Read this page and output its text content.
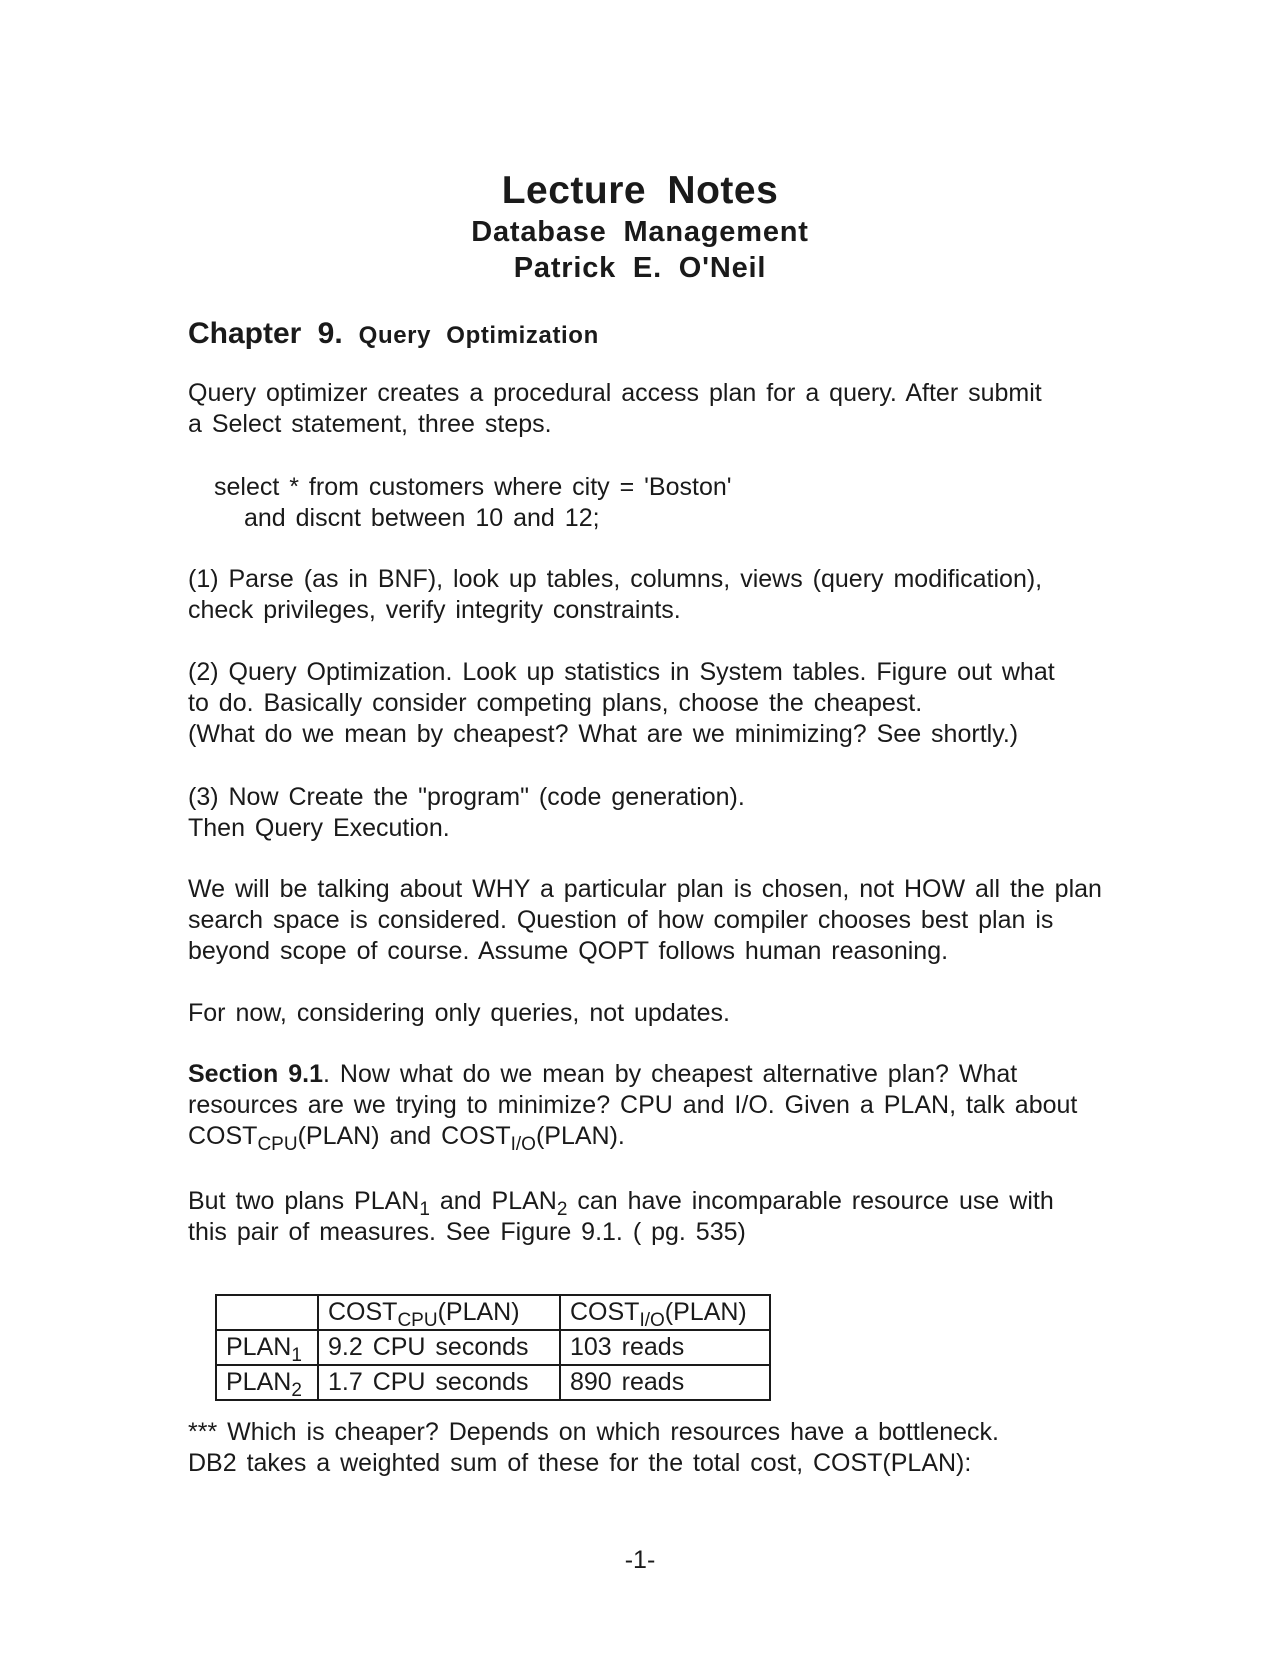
Lecture Notes
Database Management
Patrick E. O'Neil
Chapter 9. Query Optimization

Query optimizer creates a procedural access plan for a query. After submit

a Select statement, three steps.

select * from customers where city = 'Boston'

and discnt between 10 and 12;

(1) Parse (as in BNF), look up tables, columns, views (query modification),

check privileges, verify integrity constraints.

(2) Query Optimization. Look up statistics in System tables. Figure out what

to do. Basically consider competing plans, choose the cheapest.

(What do we mean by cheapest? What are we minimizing? See shortly.)

(3) Now Create the "program" (code generation).

Then Query Execution.

We will be talking about WHY a particular plan is chosen, not HOW all the plan

search space is considered. Question of how compiler chooses best plan is

beyond scope of course. Assume QOPT follows human reasoning.

For now, considering only queries, not updates.

Section 9.1. Now what do we mean by cheapest alternative plan? What

resources are we trying to minimize? CPU and I/O. Given a PLAN, talk about

$COST_{CPU}(PLAN)$ and $COST_{I/O}(PLAN)$.

But two plans $PLAN_1$ and $PLAN_2$ can have incomparable resource use with

this pair of measures. See Figure 9.1. ( pg. 535)

	$COST_{CPU}(PLAN)$	$COST_{I/O}(PLAN)$
$PLAN_1$	9.2 CPU seconds	103 reads
$PLAN_2$	1.7 CPU seconds	890 reads

*** Which is cheaper? Depends on which resources have a bottleneck.

DB2 takes a weighted sum of these for the total cost, COST(PLAN):

-1-
